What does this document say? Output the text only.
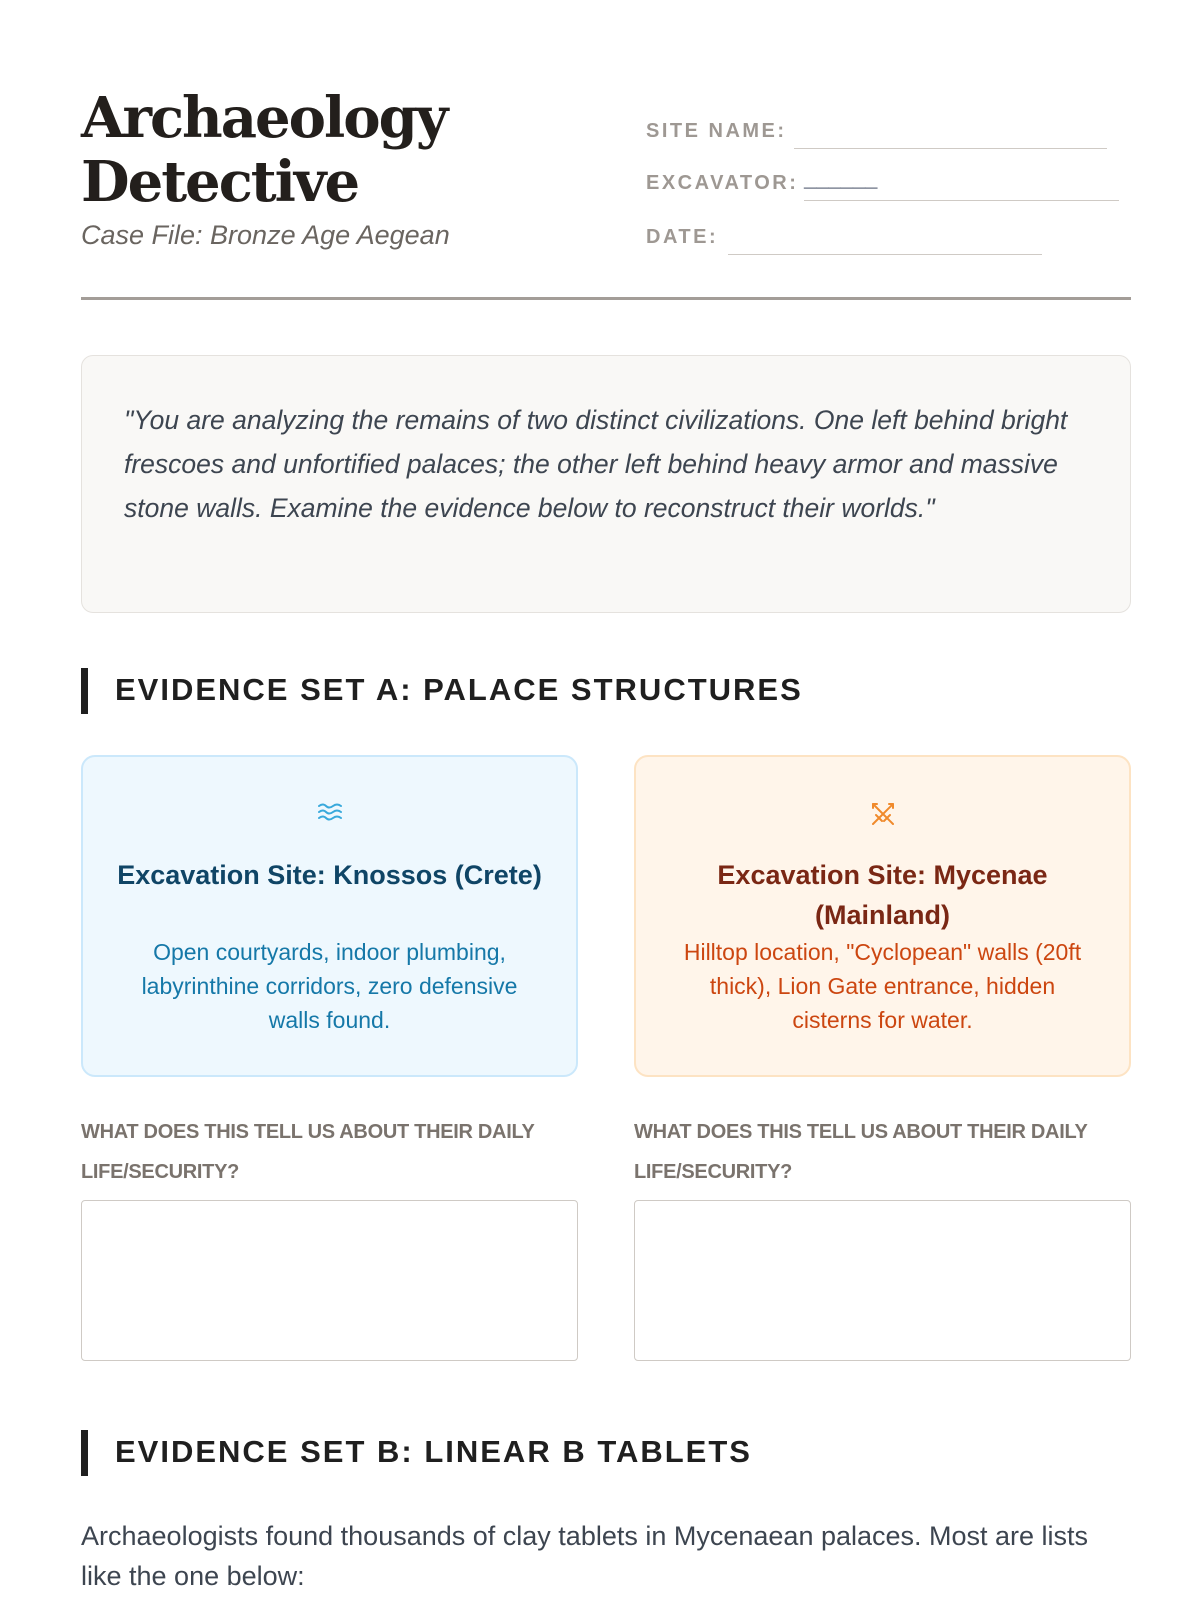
Archaeology
Detective
Case File: Bronze Age Aegean
SITE NAME:
EXCAVATOR: ______
DATE:
"You are analyzing the remains of two distinct civilizations. One left behind bright frescoes and unfortified palaces; the other left behind heavy armor and massive stone walls. Examine the evidence below to reconstruct their worlds."
EVIDENCE SET A: PALACE STRUCTURES
Excavation Site: Knossos (Crete)
Open courtyards, indoor plumbing, labyrinthine corridors, zero defensive walls found.
Excavation Site: Mycenae (Mainland)
Hilltop location, "Cyclopean" walls (20ft thick), Lion Gate entrance, hidden cisterns for water.
WHAT DOES THIS TELL US ABOUT THEIR DAILY LIFE/SECURITY?
WHAT DOES THIS TELL US ABOUT THEIR DAILY LIFE/SECURITY?
EVIDENCE SET B: LINEAR B TABLETS
Archaeologists found thousands of clay tablets in Mycenaean palaces. Most are lists like the one below:
